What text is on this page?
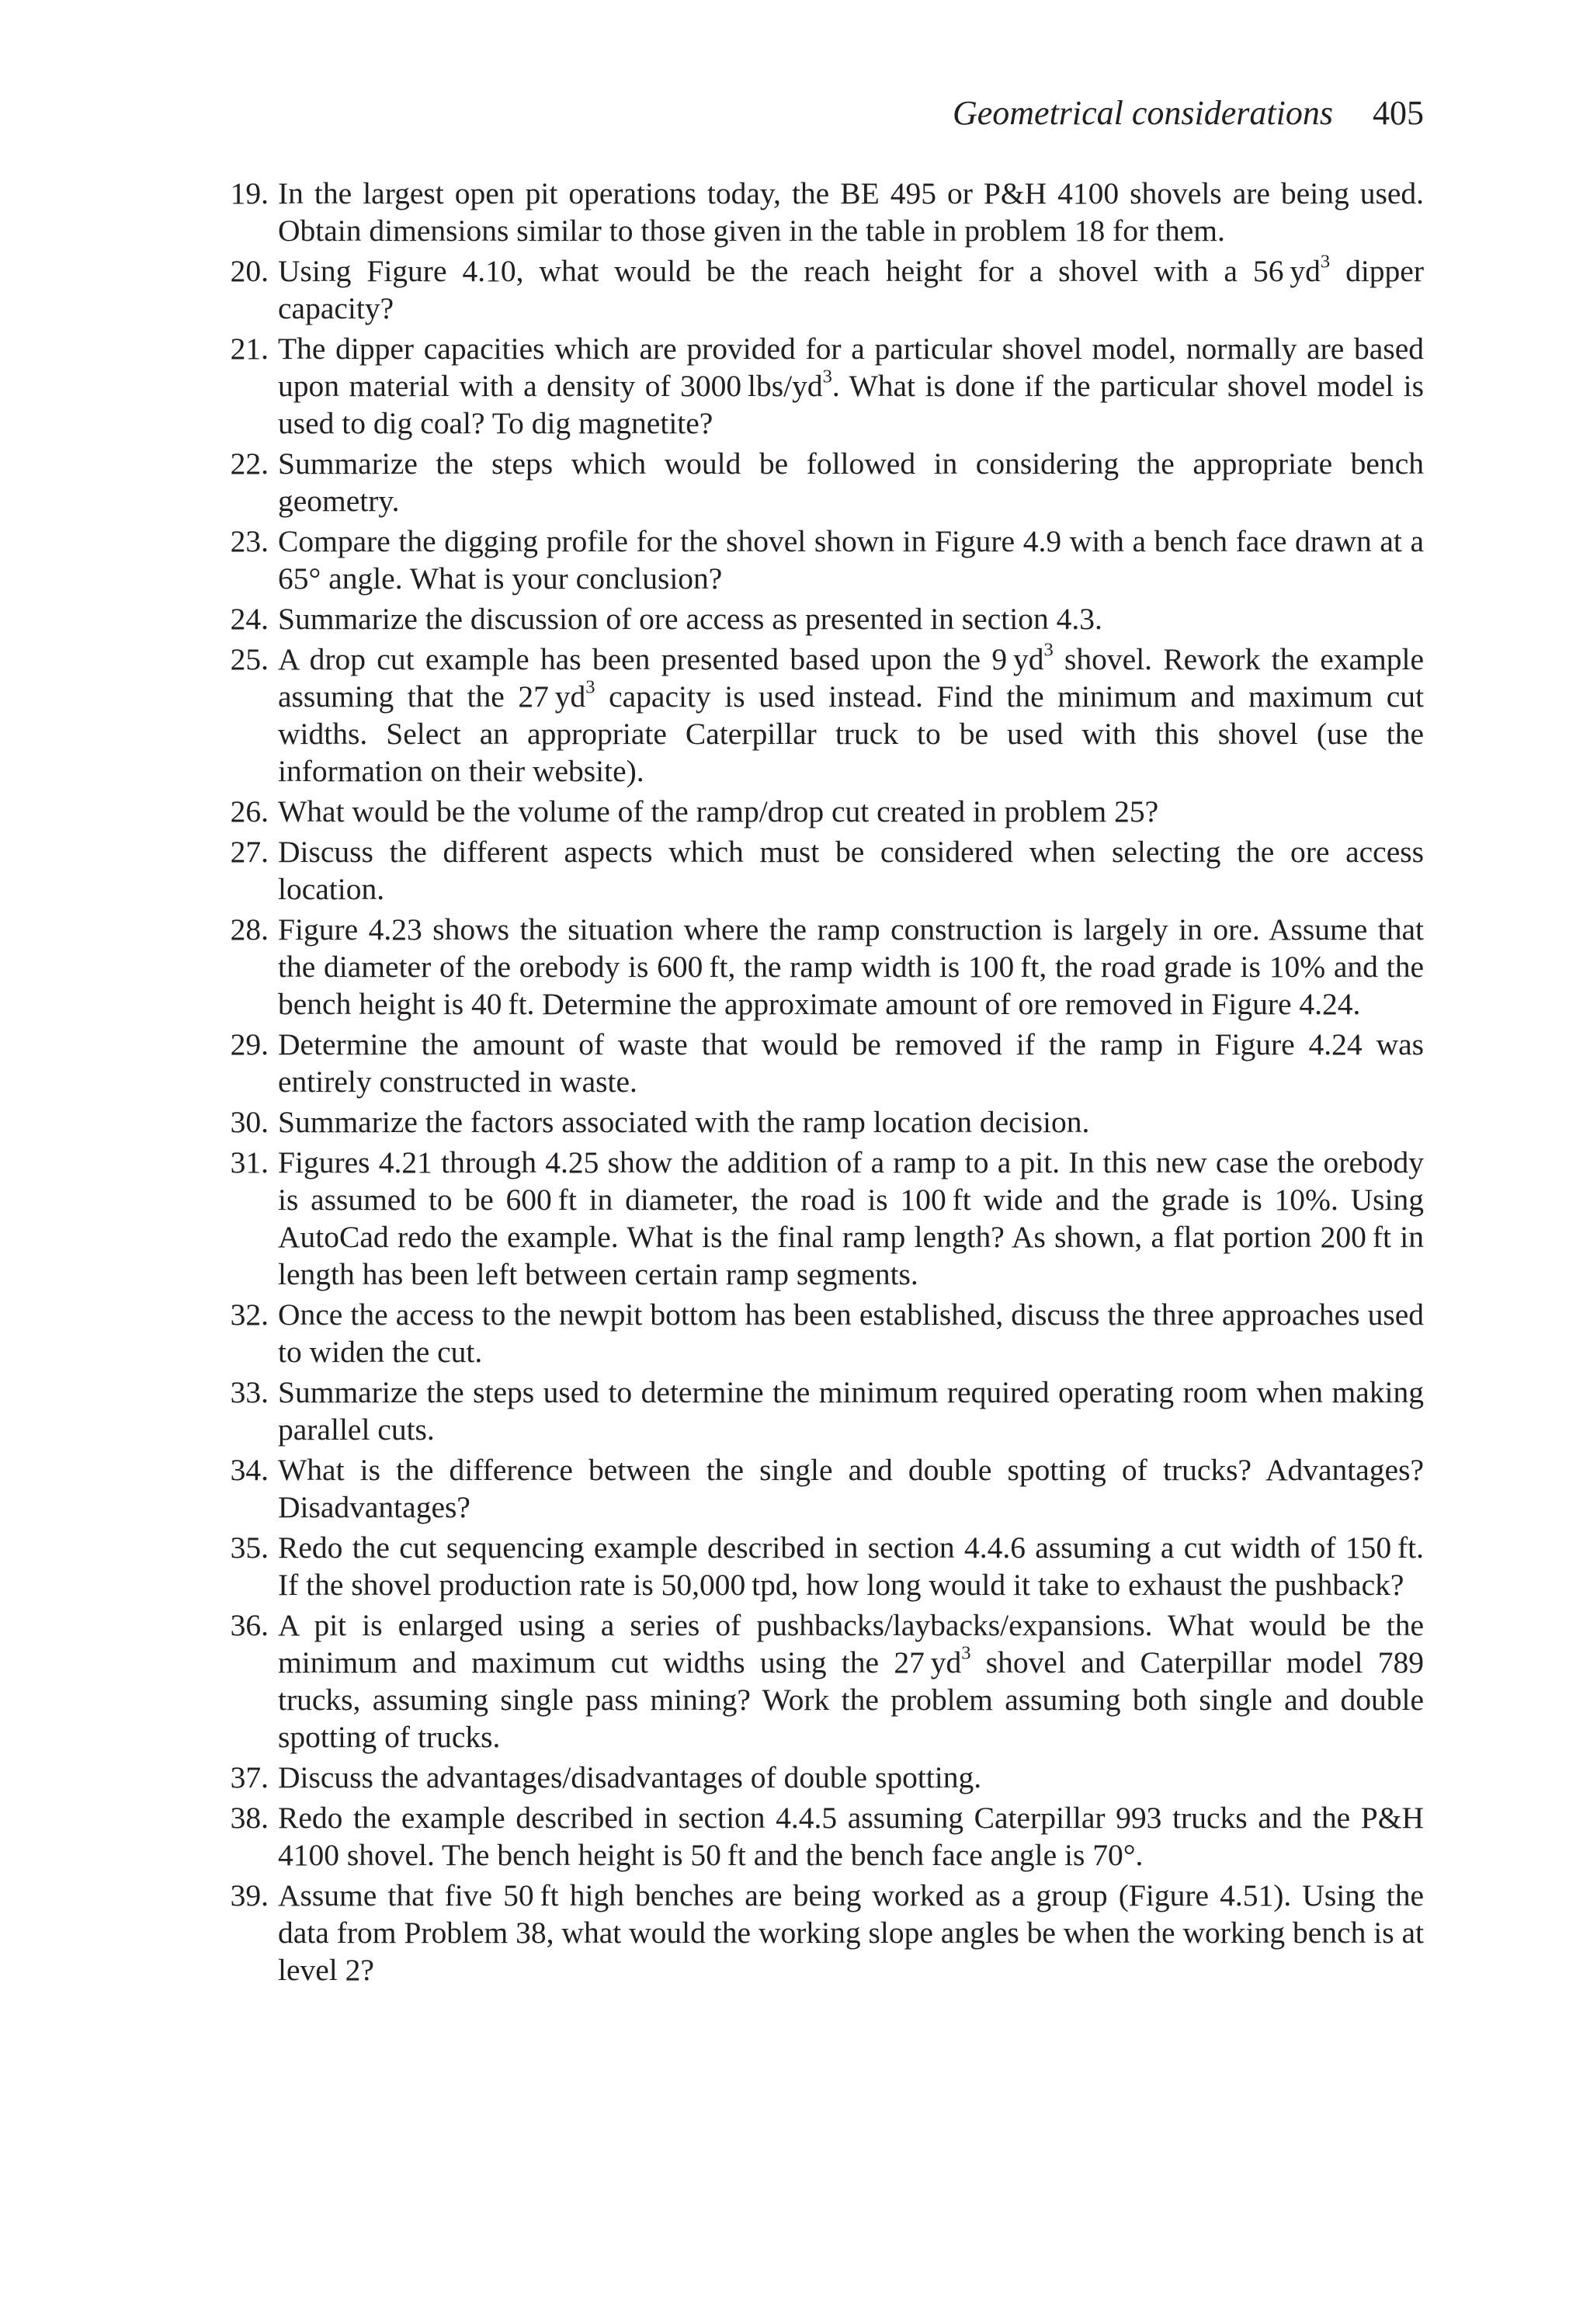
Geometrical considerations 405
19. In the largest open pit operations today, the BE 495 or P&H 4100 shovels are being used. Obtain dimensions similar to those given in the table in problem 18 for them.
20. Using Figure 4.10, what would be the reach height for a shovel with a 56 $yd^3$ dipper capacity?
21. The dipper capacities which are provided for a particular shovel model, normally are based upon material with a density of 3000 lbs/$yd^3$. What is done if the particular shovel model is used to dig coal? To dig magnetite?
22. Summarize the steps which would be followed in considering the appropriate bench geometry.
23. Compare the digging profile for the shovel shown in Figure 4.9 with a bench face drawn at a 65° angle. What is your conclusion?
24. Summarize the discussion of ore access as presented in section 4.3.
25. A drop cut example has been presented based upon the 9 $yd^3$ shovel. Rework the example assuming that the 27 $yd^3$ capacity is used instead. Find the minimum and maximum cut widths. Select an appropriate Caterpillar truck to be used with this shovel (use the information on their website).
26. What would be the volume of the ramp/drop cut created in problem 25?
27. Discuss the different aspects which must be considered when selecting the ore access location.
28. Figure 4.23 shows the situation where the ramp construction is largely in ore. Assume that the diameter of the orebody is 600 ft, the ramp width is 100 ft, the road grade is 10% and the bench height is 40 ft. Determine the approximate amount of ore removed in Figure 4.24.
29. Determine the amount of waste that would be removed if the ramp in Figure 4.24 was entirely constructed in waste.
30. Summarize the factors associated with the ramp location decision.
31. Figures 4.21 through 4.25 show the addition of a ramp to a pit. In this new case the orebody is assumed to be 600 ft in diameter, the road is 100 ft wide and the grade is 10%. Using AutoCad redo the example. What is the final ramp length? As shown, a flat portion 200 ft in length has been left between certain ramp segments.
32. Once the access to the newpit bottom has been established, discuss the three approaches used to widen the cut.
33. Summarize the steps used to determine the minimum required operating room when making parallel cuts.
34. What is the difference between the single and double spotting of trucks? Advantages? Disadvantages?
35. Redo the cut sequencing example described in section 4.4.6 assuming a cut width of 150 ft. If the shovel production rate is 50,000 tpd, how long would it take to exhaust the pushback?
36. A pit is enlarged using a series of pushbacks/laybacks/expansions. What would be the minimum and maximum cut widths using the 27 $yd^3$ shovel and Caterpillar model 789 trucks, assuming single pass mining? Work the problem assuming both single and double spotting of trucks.
37. Discuss the advantages/disadvantages of double spotting.
38. Redo the example described in section 4.4.5 assuming Caterpillar 993 trucks and the P&H 4100 shovel. The bench height is 50 ft and the bench face angle is 70°.
39. Assume that five 50 ft high benches are being worked as a group (Figure 4.51). Using the data from Problem 38, what would the working slope angles be when the working bench is at level 2?
